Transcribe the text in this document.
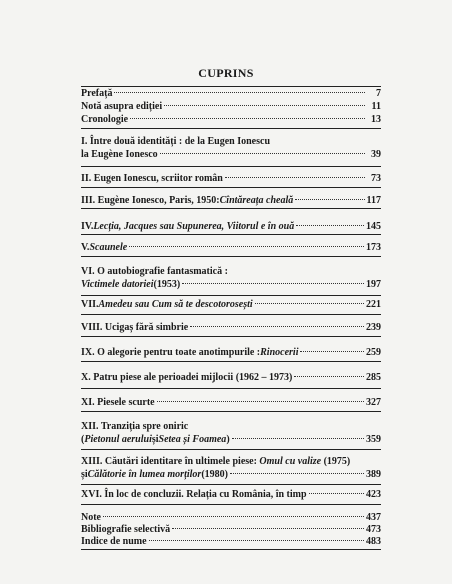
CUPRINS
Prefață	7
Notă asupra ediției	11
Cronologie	13
I. Între două identități : de la Eugen Ionescu
la Eugène Ionesco	39
II. Eugen Ionescu, scriitor român	73
III. Eugène Ionesco, Paris, 1950: Cîntăreața cheală	117
IV. Lecția, Jacques sau Supunerea, Viitorul e în ouă	145
V. Scaunele	173
VI. O autobiografie fantasmatică :
Victimele datoriei (1953)	197
VII. Amedeu sau Cum să te descotorosești	221
VIII. Ucigaș fără simbrie	239
IX. O alegorie pentru toate anotimpurile : Rinocerii	259
X. Patru piese ale perioadei mijlocii (1962 – 1973)	285
XI. Piesele scurte	327
XII. Tranziția spre oniric
( Pietonul aerului și Setea și Foamea )	359
XIII. Căutări identitare în ultimele piese: Omul cu valize (1975)
și Călătorie în lumea morților (1980)	389
XVI. În loc de concluzii. Relația cu România, în timp	423
Note	437
Bibliografie selectivă	473
Indice de nume	483
